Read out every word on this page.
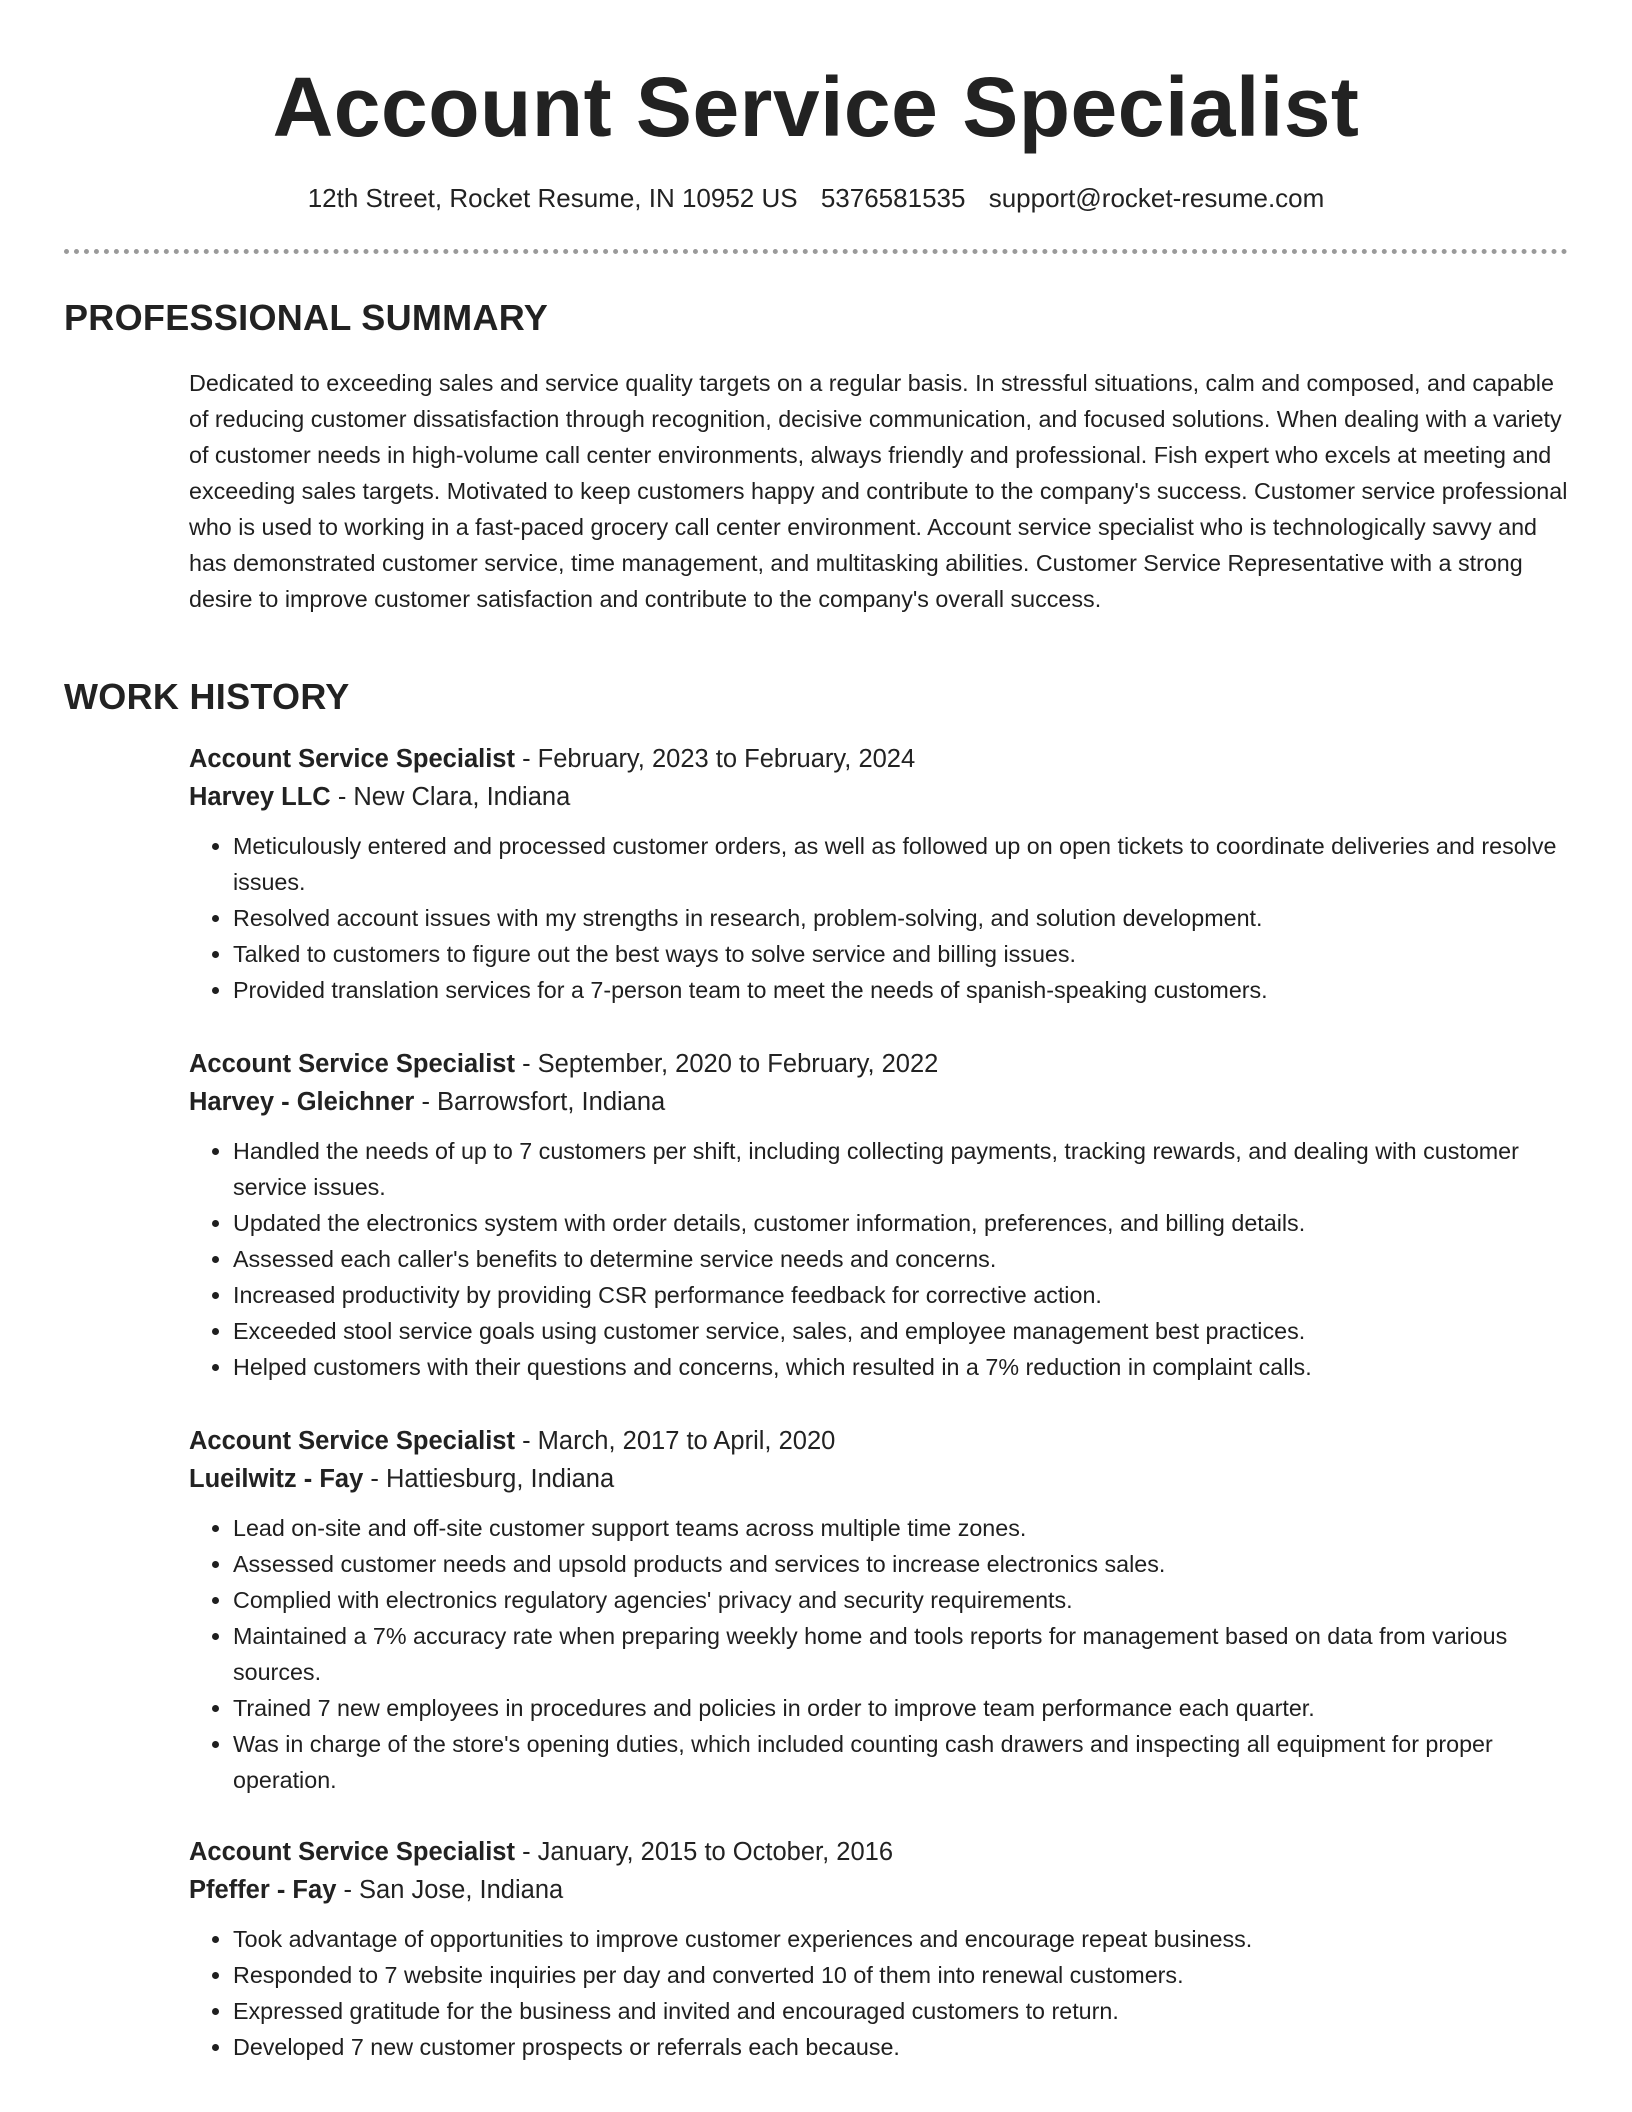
Account Service Specialist
12th Street, Rocket Resume, IN 10952 US 5376581535 support@rocket-resume.com
PROFESSIONAL SUMMARY

Dedicated to exceeding sales and service quality targets on a regular basis. In stressful situations, calm and composed, and capable of reducing customer dissatisfaction through recognition, decisive communication, and focused solutions. When dealing with a variety of customer needs in high-volume call center environments, always friendly and professional. Fish expert who excels at meeting and exceeding sales targets. Motivated to keep customers happy and contribute to the company's success. Customer service professional who is used to working in a fast-paced grocery call center environment. Account service specialist who is technologically savvy and has demonstrated customer service, time management, and multitasking abilities. Customer Service Representative with a strong desire to improve customer satisfaction and contribute to the company's overall success.

WORK HISTORY
Account Service Specialist - February, 2023 to February, 2024
Harvey LLC - New Clara, Indiana
• Meticulously entered and processed customer orders, as well as followed up on open tickets to coordinate deliveries and resolve issues.
• Resolved account issues with my strengths in research, problem-solving, and solution development.
• Talked to customers to figure out the best ways to solve service and billing issues.
• Provided translation services for a 7-person team to meet the needs of spanish-speaking customers.
Account Service Specialist - September, 2020 to February, 2022
Harvey - Gleichner - Barrowsfort, Indiana
• Handled the needs of up to 7 customers per shift, including collecting payments, tracking rewards, and dealing with customer service issues.
• Updated the electronics system with order details, customer information, preferences, and billing details.
• Assessed each caller's benefits to determine service needs and concerns.
• Increased productivity by providing CSR performance feedback for corrective action.
• Exceeded stool service goals using customer service, sales, and employee management best practices.
• Helped customers with their questions and concerns, which resulted in a 7% reduction in complaint calls.
Account Service Specialist - March, 2017 to April, 2020
Lueilwitz - Fay - Hattiesburg, Indiana
• Lead on-site and off-site customer support teams across multiple time zones.
• Assessed customer needs and upsold products and services to increase electronics sales.
• Complied with electronics regulatory agencies' privacy and security requirements.
• Maintained a 7% accuracy rate when preparing weekly home and tools reports for management based on data from various sources.
• Trained 7 new employees in procedures and policies in order to improve team performance each quarter.
• Was in charge of the store's opening duties, which included counting cash drawers and inspecting all equipment for proper operation.
Account Service Specialist - January, 2015 to October, 2016
Pfeffer - Fay - San Jose, Indiana
• Took advantage of opportunities to improve customer experiences and encourage repeat business.
• Responded to 7 website inquiries per day and converted 10 of them into renewal customers.
• Expressed gratitude for the business and invited and encouraged customers to return.
• Developed 7 new customer prospects or referrals each because.
